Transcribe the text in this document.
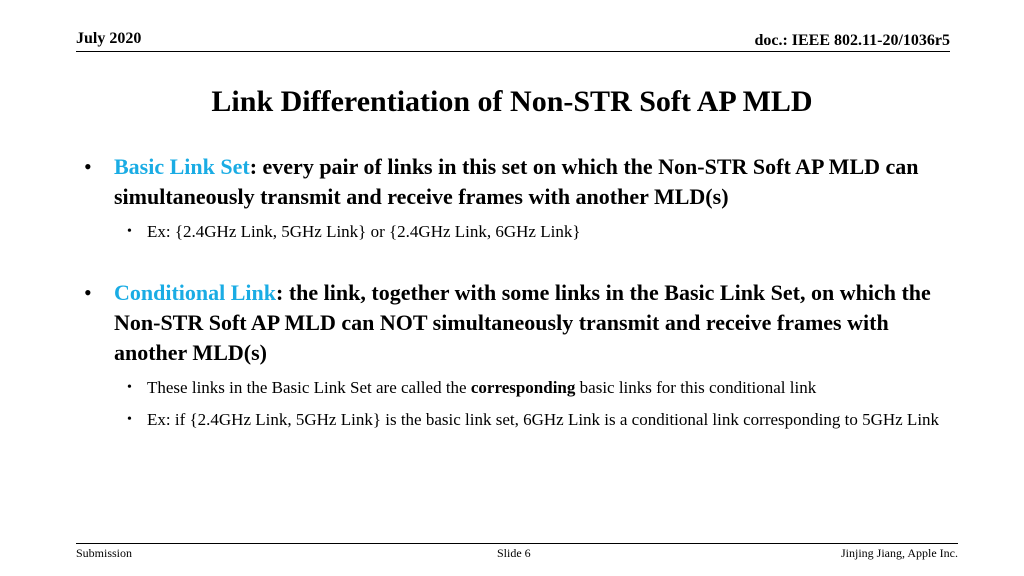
July 2020	doc.: IEEE 802.11-20/1036r5
Link Differentiation of Non-STR Soft AP MLD
• Basic Link Set: every pair of links in this set on which the Non-STR Soft AP MLD can simultaneously transmit and receive frames with another MLD(s)
• Ex: {2.4GHz Link, 5GHz Link} or {2.4GHz Link, 6GHz Link}
• Conditional Link: the link, together with some links in the Basic Link Set, on which the Non-STR Soft AP MLD can NOT simultaneously transmit and receive frames with another MLD(s)
• These links in the Basic Link Set are called the corresponding basic links for this conditional link
• Ex: if {2.4GHz Link, 5GHz Link} is the basic link set, 6GHz Link is a conditional link corresponding to 5GHz Link
Submission	Slide 6	Jinjing Jiang, Apple Inc.
